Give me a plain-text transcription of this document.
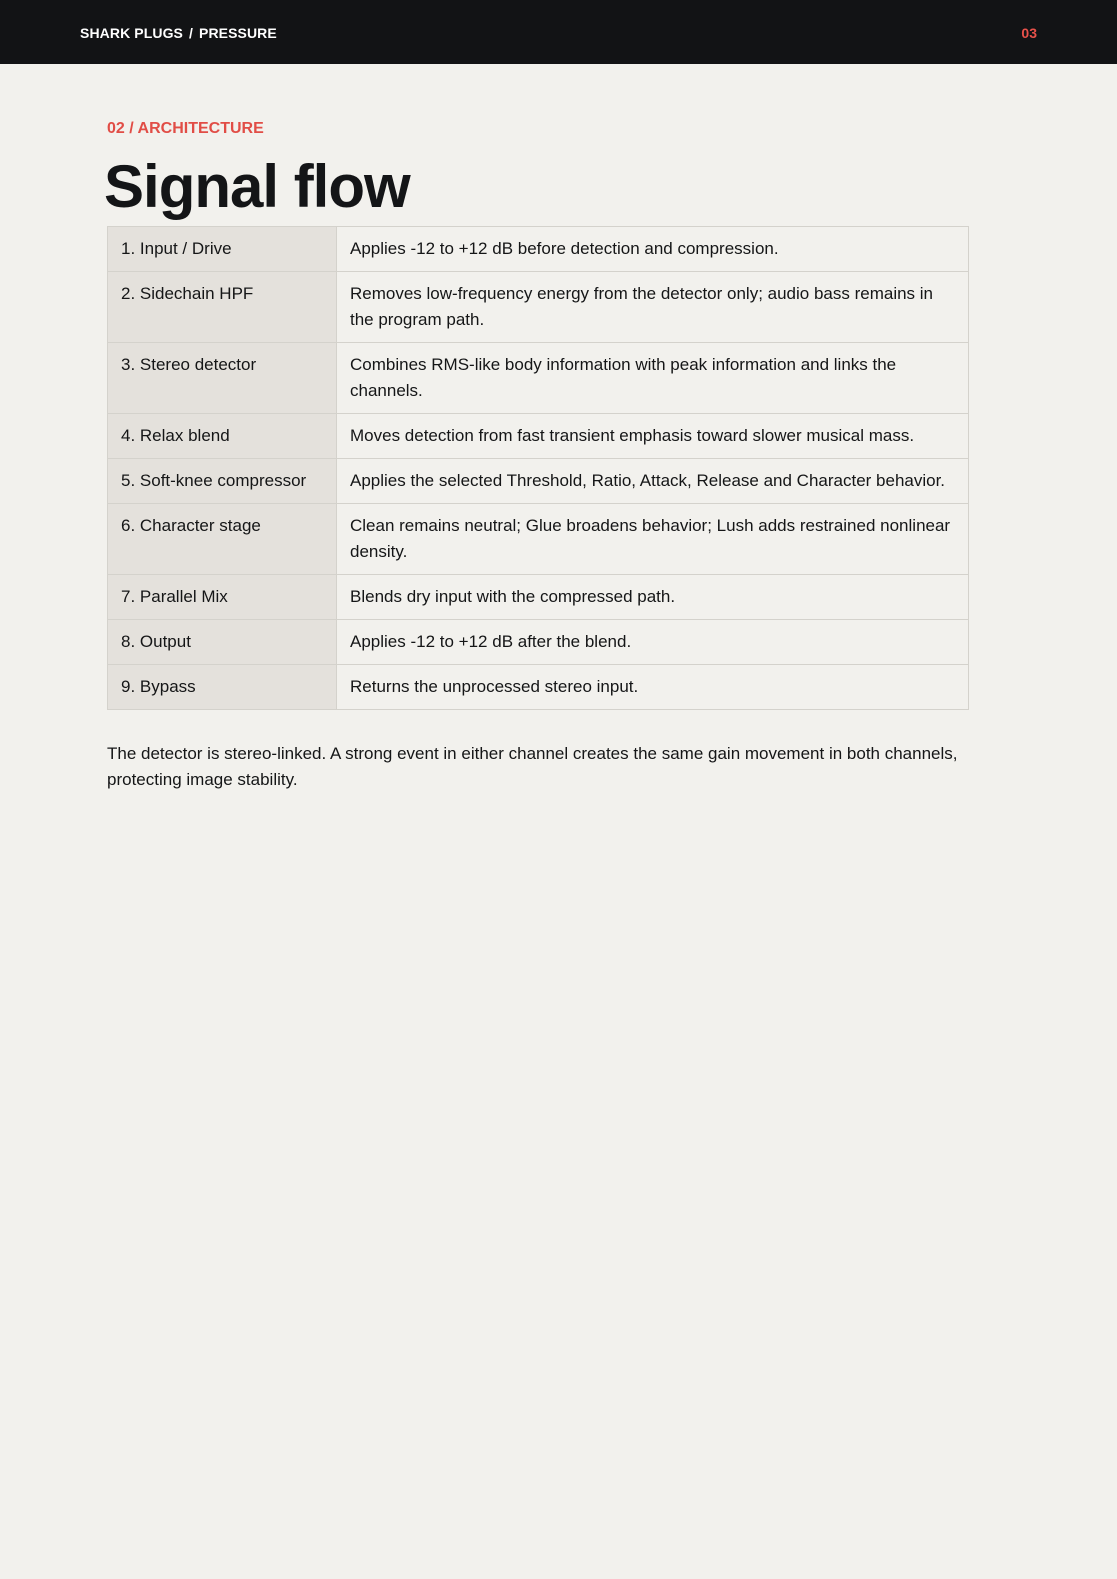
SHARK PLUGS / PRESSURE	03
02 / ARCHITECTURE
Signal flow
1. Input / Drive	Applies -12 to +12 dB before detection and compression.
2. Sidechain HPF	Removes low-frequency energy from the detector only; audio bass remains in the program path.
3. Stereo detector	Combines RMS-like body information with peak information and links the channels.
4. Relax blend	Moves detection from fast transient emphasis toward slower musical mass.
5. Soft-knee compressor	Applies the selected Threshold, Ratio, Attack, Release and Character behavior.
6. Character stage	Clean remains neutral; Glue broadens behavior; Lush adds restrained nonlinear density.
7. Parallel Mix	Blends dry input with the compressed path.
8. Output	Applies -12 to +12 dB after the blend.
9. Bypass	Returns the unprocessed stereo input.

The detector is stereo-linked. A strong event in either channel creates the same gain movement in both channels, protecting image stability.
